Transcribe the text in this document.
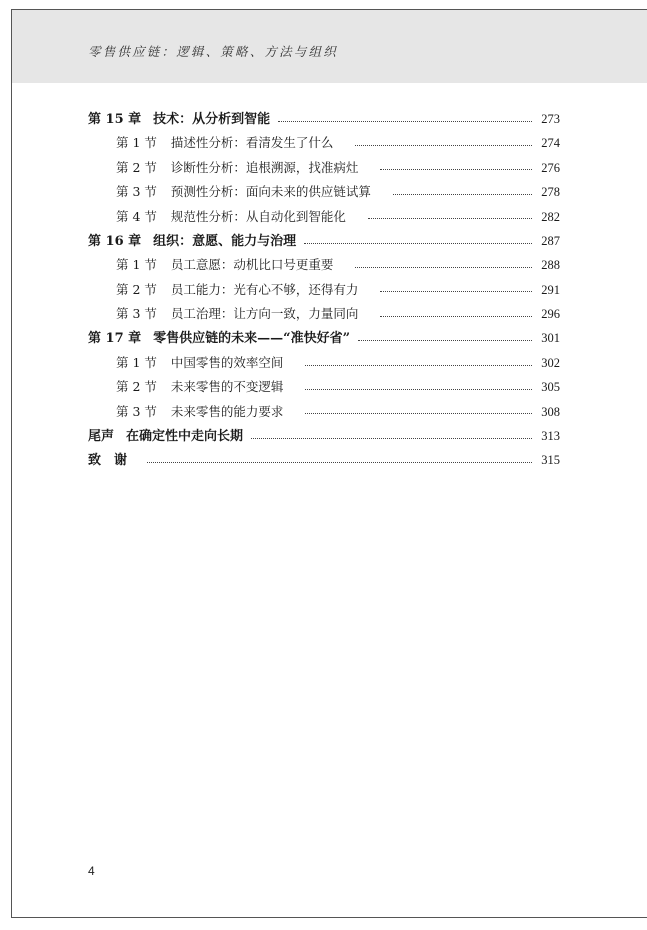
零售供应链：逻辑、策略、方法与组织
第 15 章 技术：从分析到智能	273
第 1 节 描述性分析：看清发生了什么	274
第 2 节 诊断性分析：追根溯源，找准病灶	276
第 3 节 预测性分析：面向未来的供应链试算	278
第 4 节 规范性分析：从自动化到智能化	282
第 16 章 组织：意愿、能力与治理	287
第 1 节 员工意愿：动机比口号更重要	288
第 2 节 员工能力：光有心不够，还得有力	291
第 3 节 员工治理：让方向一致，力量同向	296
第 17 章 零售供应链的未来——“准快好省”	301
第 1 节 中国零售的效率空间	302
第 2 节 未来零售的不变逻辑	305
第 3 节 未来零售的能力要求	308
尾声 在确定性中走向长期	313
致　谢	315
4
